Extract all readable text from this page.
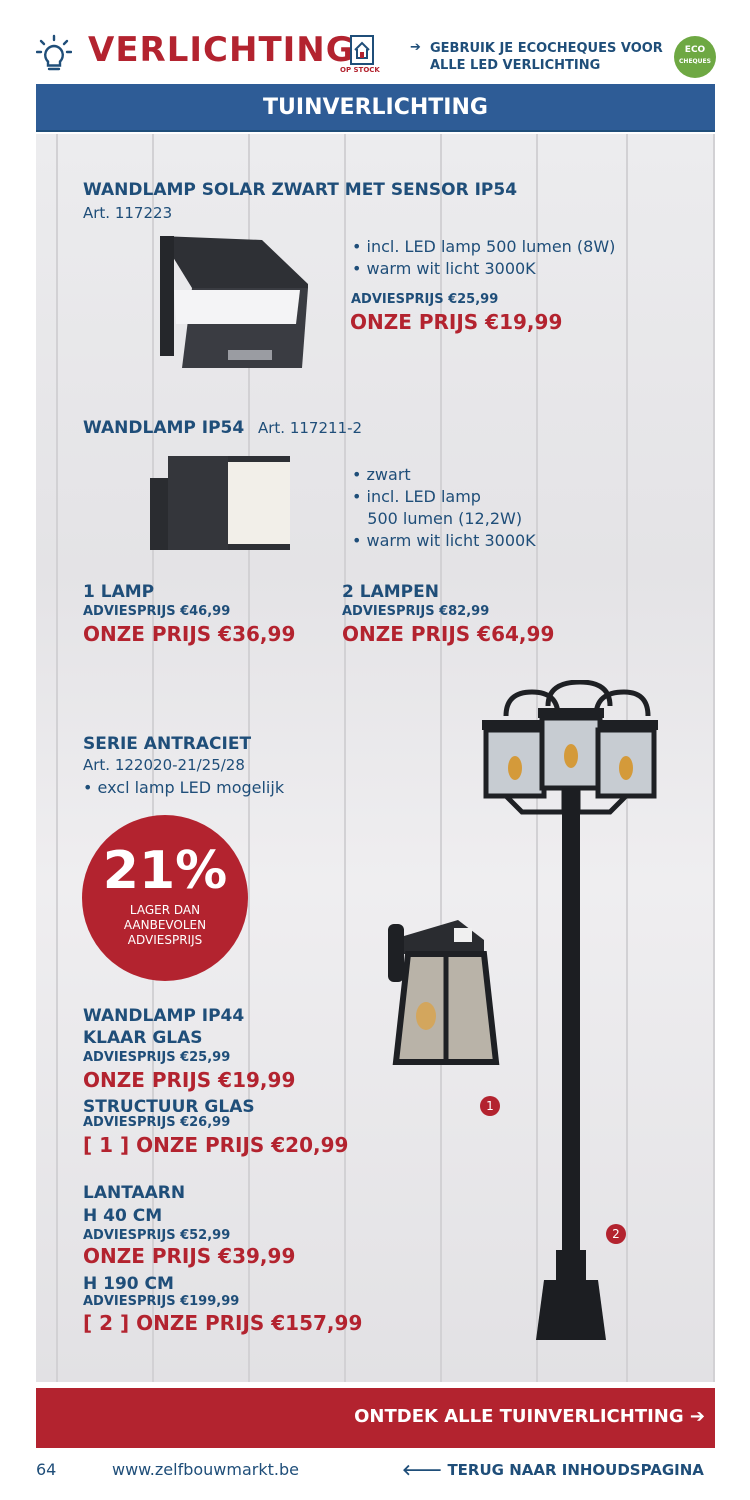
VERLICHTING
OP STOCK
➔ GEBRUIK JE ECOCHEQUES VOOR
ALLE LED VERLICHTING
ECO
CHEQUES
TUINVERLICHTING
WANDLAMP SOLAR ZWART MET SENSOR IP54
Art. 117223
• incl. LED lamp 500 lumen (8W)
• warm wit licht 3000K
ADVIESPRIJS €25,99
ONZE PRIJS €19,99
WANDLAMP IP54 Art. 117211-2
• zwart
• incl. LED lamp
500 lumen (12,2W)
• warm wit licht 3000K
1 LAMP
ADVIESPRIJS €46,99
ONZE PRIJS €36,99
2 LAMPEN
ADVIESPRIJS €82,99
ONZE PRIJS €64,99
SERIE ANTRACIET
Art. 122020-21/25/28
• excl lamp LED mogelijk
21%
LAGER DAN
AANBEVOLEN
ADVIESPRIJS
1
2
WANDLAMP IP44
KLAAR GLAS
ADVIESPRIJS €25,99
ONZE PRIJS €19,99
STRUCTUUR GLAS
ADVIESPRIJS €26,99
[ 1 ] ONZE PRIJS €20,99
LANTAARN
H 40 CM
ADVIESPRIJS €52,99
ONZE PRIJS €39,99
H 190 CM
ADVIESPRIJS €199,99
[ 2 ] ONZE PRIJS €157,99
ONTDEK ALLE TUINVERLICHTING ➔
64	www.zelfbouwmarkt.be	🡐 TERUG NAAR INHOUDSPAGINA
